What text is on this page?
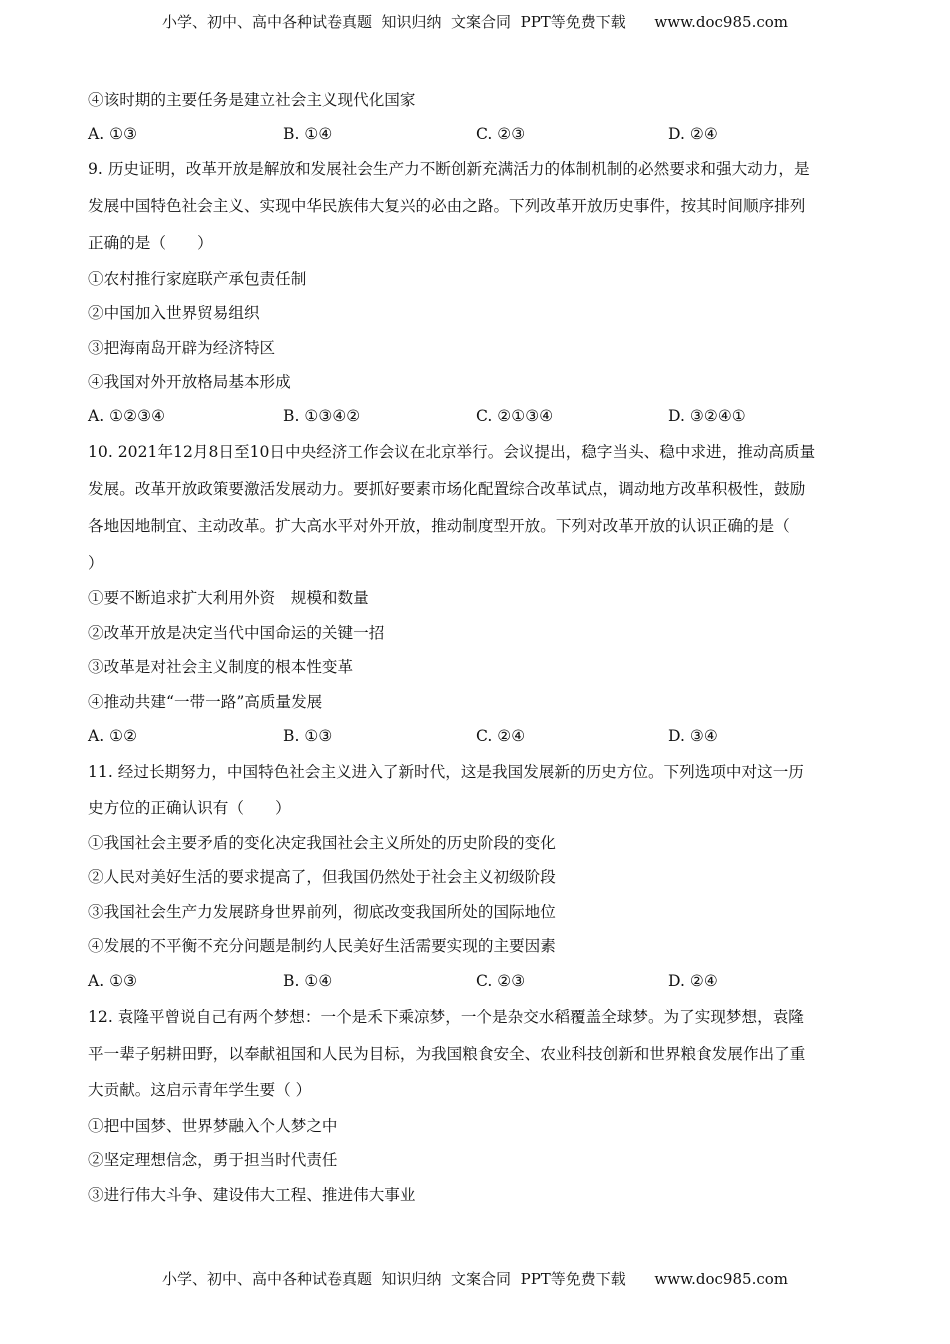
小学、初中、高中各种试卷真题  知识归纳  文案合同  PPT等免费下载      www.doc985.com
④该时期的主要任务是建立社会主义现代化国家
A. ①③	B. ①④	C. ②③	D. ②④
9. 历史证明，改革开放是解放和发展社会生产力不断创新充满活力的体制机制的必然要求和强大动力，是
发展中国特色社会主义、实现中华民族伟大复兴的必由之路。下列改革开放历史事件，按其时间顺序排列
正确的是（　　）
①农村推行家庭联产承包责任制
②中国加入世界贸易组织
③把海南岛开辟为经济特区
④我国对外开放格局基本形成
A. ①②③④	B. ①③④②	C. ②①③④	D. ③②④①
10. 2021年12月8日至10日中央经济工作会议在北京举行。会议提出，稳字当头、稳中求进，推动高质量
发展。改革开放政策要激活发展动力。要抓好要素市场化配置综合改革试点，调动地方改革积极性，鼓励
各地因地制宜、主动改革。扩大高水平对外开放，推动制度型开放。下列对改革开放的认识正确的是（
）
①要不断追求扩大利用外资　规模和数量
②改革开放是决定当代中国命运的关键一招
③改革是对社会主义制度的根本性变革
④推动共建“一带一路”高质量发展
A. ①②	B. ①③	C. ②④	D. ③④
11. 经过长期努力，中国特色社会主义进入了新时代，这是我国发展新的历史方位。下列选项中对这一历
史方位的正确认识有（　　）
①我国社会主要矛盾的变化决定我国社会主义所处的历史阶段的变化
②人民对美好生活的要求提高了，但我国仍然处于社会主义初级阶段
③我国社会生产力发展跻身世界前列，彻底改变我国所处的国际地位
④发展的不平衡不充分问题是制约人民美好生活需要实现的主要因素
A. ①③	B. ①④	C. ②③	D. ②④
12. 袁隆平曾说自己有两个梦想：一个是禾下乘凉梦，一个是杂交水稻覆盖全球梦。为了实现梦想，袁隆
平一辈子躬耕田野，以奉献祖国和人民为目标，为我国粮食安全、农业科技创新和世界粮食发展作出了重
大贡献。这启示青年学生要（ ）
①把中国梦、世界梦融入个人梦之中
②坚定理想信念，勇于担当时代责任
③进行伟大斗争、建设伟大工程、推进伟大事业
小学、初中、高中各种试卷真题  知识归纳  文案合同  PPT等免费下载      www.doc985.com
